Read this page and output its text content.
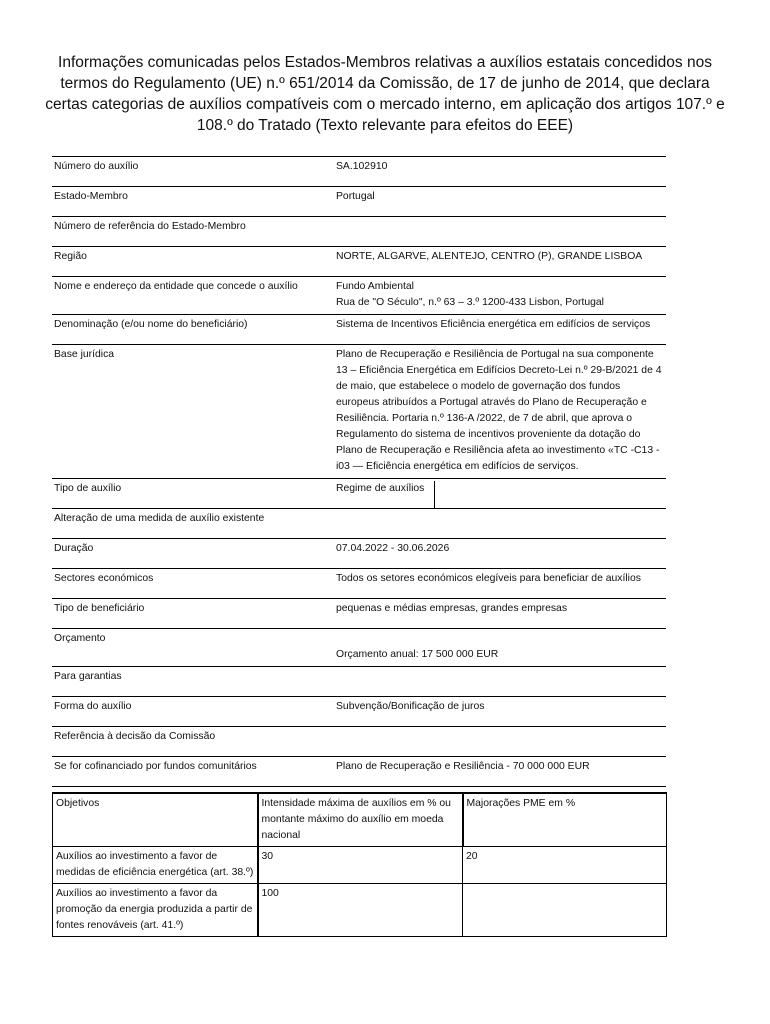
Informações comunicadas pelos Estados-Membros relativas a auxílios estatais concedidos nos termos do Regulamento (UE) n.º 651/2014 da Comissão, de 17 de junho de 2014, que declara certas categorias de auxílios compatíveis com o mercado interno, em aplicação dos artigos 107.º e 108.º do Tratado (Texto relevante para efeitos do EEE)
Número do auxílio	SA.102910
Estado-Membro	Portugal
Número de referência do Estado-Membro	
Região	NORTE, ALGARVE, ALENTEJO, CENTRO (P), GRANDE LISBOA
Nome e endereço da entidade que concede o auxílio	Fundo Ambiental
Rua de "O Século", n.º 63 – 3.º 1200-433 Lisbon, Portugal

Denominação (e/ou nome do beneficiário)	Sistema de Incentivos Eficiência energética em edifícios de serviços
Base jurídica	Plano de Recuperação e Resiliência de Portugal na sua componente 13 – Eficiência Energética em Edifícios Decreto-Lei n.º 29-B/2021 de 4 de maio, que estabelece o modelo de governação dos fundos europeus atribuídos a Portugal através do Plano de Recuperação e Resiliência. Portaria n.º 136-A /2022, de 7 de abril, que aprova o Regulamento do sistema de incentivos proveniente da dotação do Plano de Recuperação e Resiliência afeta ao investimento «TC -C13 -i03 — Eficiência energética em edifícios de serviços.
Tipo de auxílio	Regime de auxílios
Alteração de uma medida de auxílio existente	
Duração	07.04.2022 - 30.06.2026
Sectores económicos	Todos os setores económicos elegíveis para beneficiar de auxílios
Tipo de beneficiário	pequenas e médias empresas, grandes empresas
Orçamento	Orçamento anual: 17 500 000 EUR
Para garantias	
Forma do auxílio	Subvenção/Bonificação de juros
Referência à decisão da Comissão	
Se for cofinanciado por fundos comunitários	Plano de Recuperação e Resiliência - 70 000 000 EUR
Objetivos	Intensidade máxima de auxílios em % ou montante máximo do auxílio em moeda nacional	Majorações PME em %
Auxílios ao investimento a favor de medidas de eficiência energética (art. 38.º)	30	20
Auxílios ao investimento a favor da promoção da energia produzida a partir de fontes renováveis (art. 41.º)	100	
